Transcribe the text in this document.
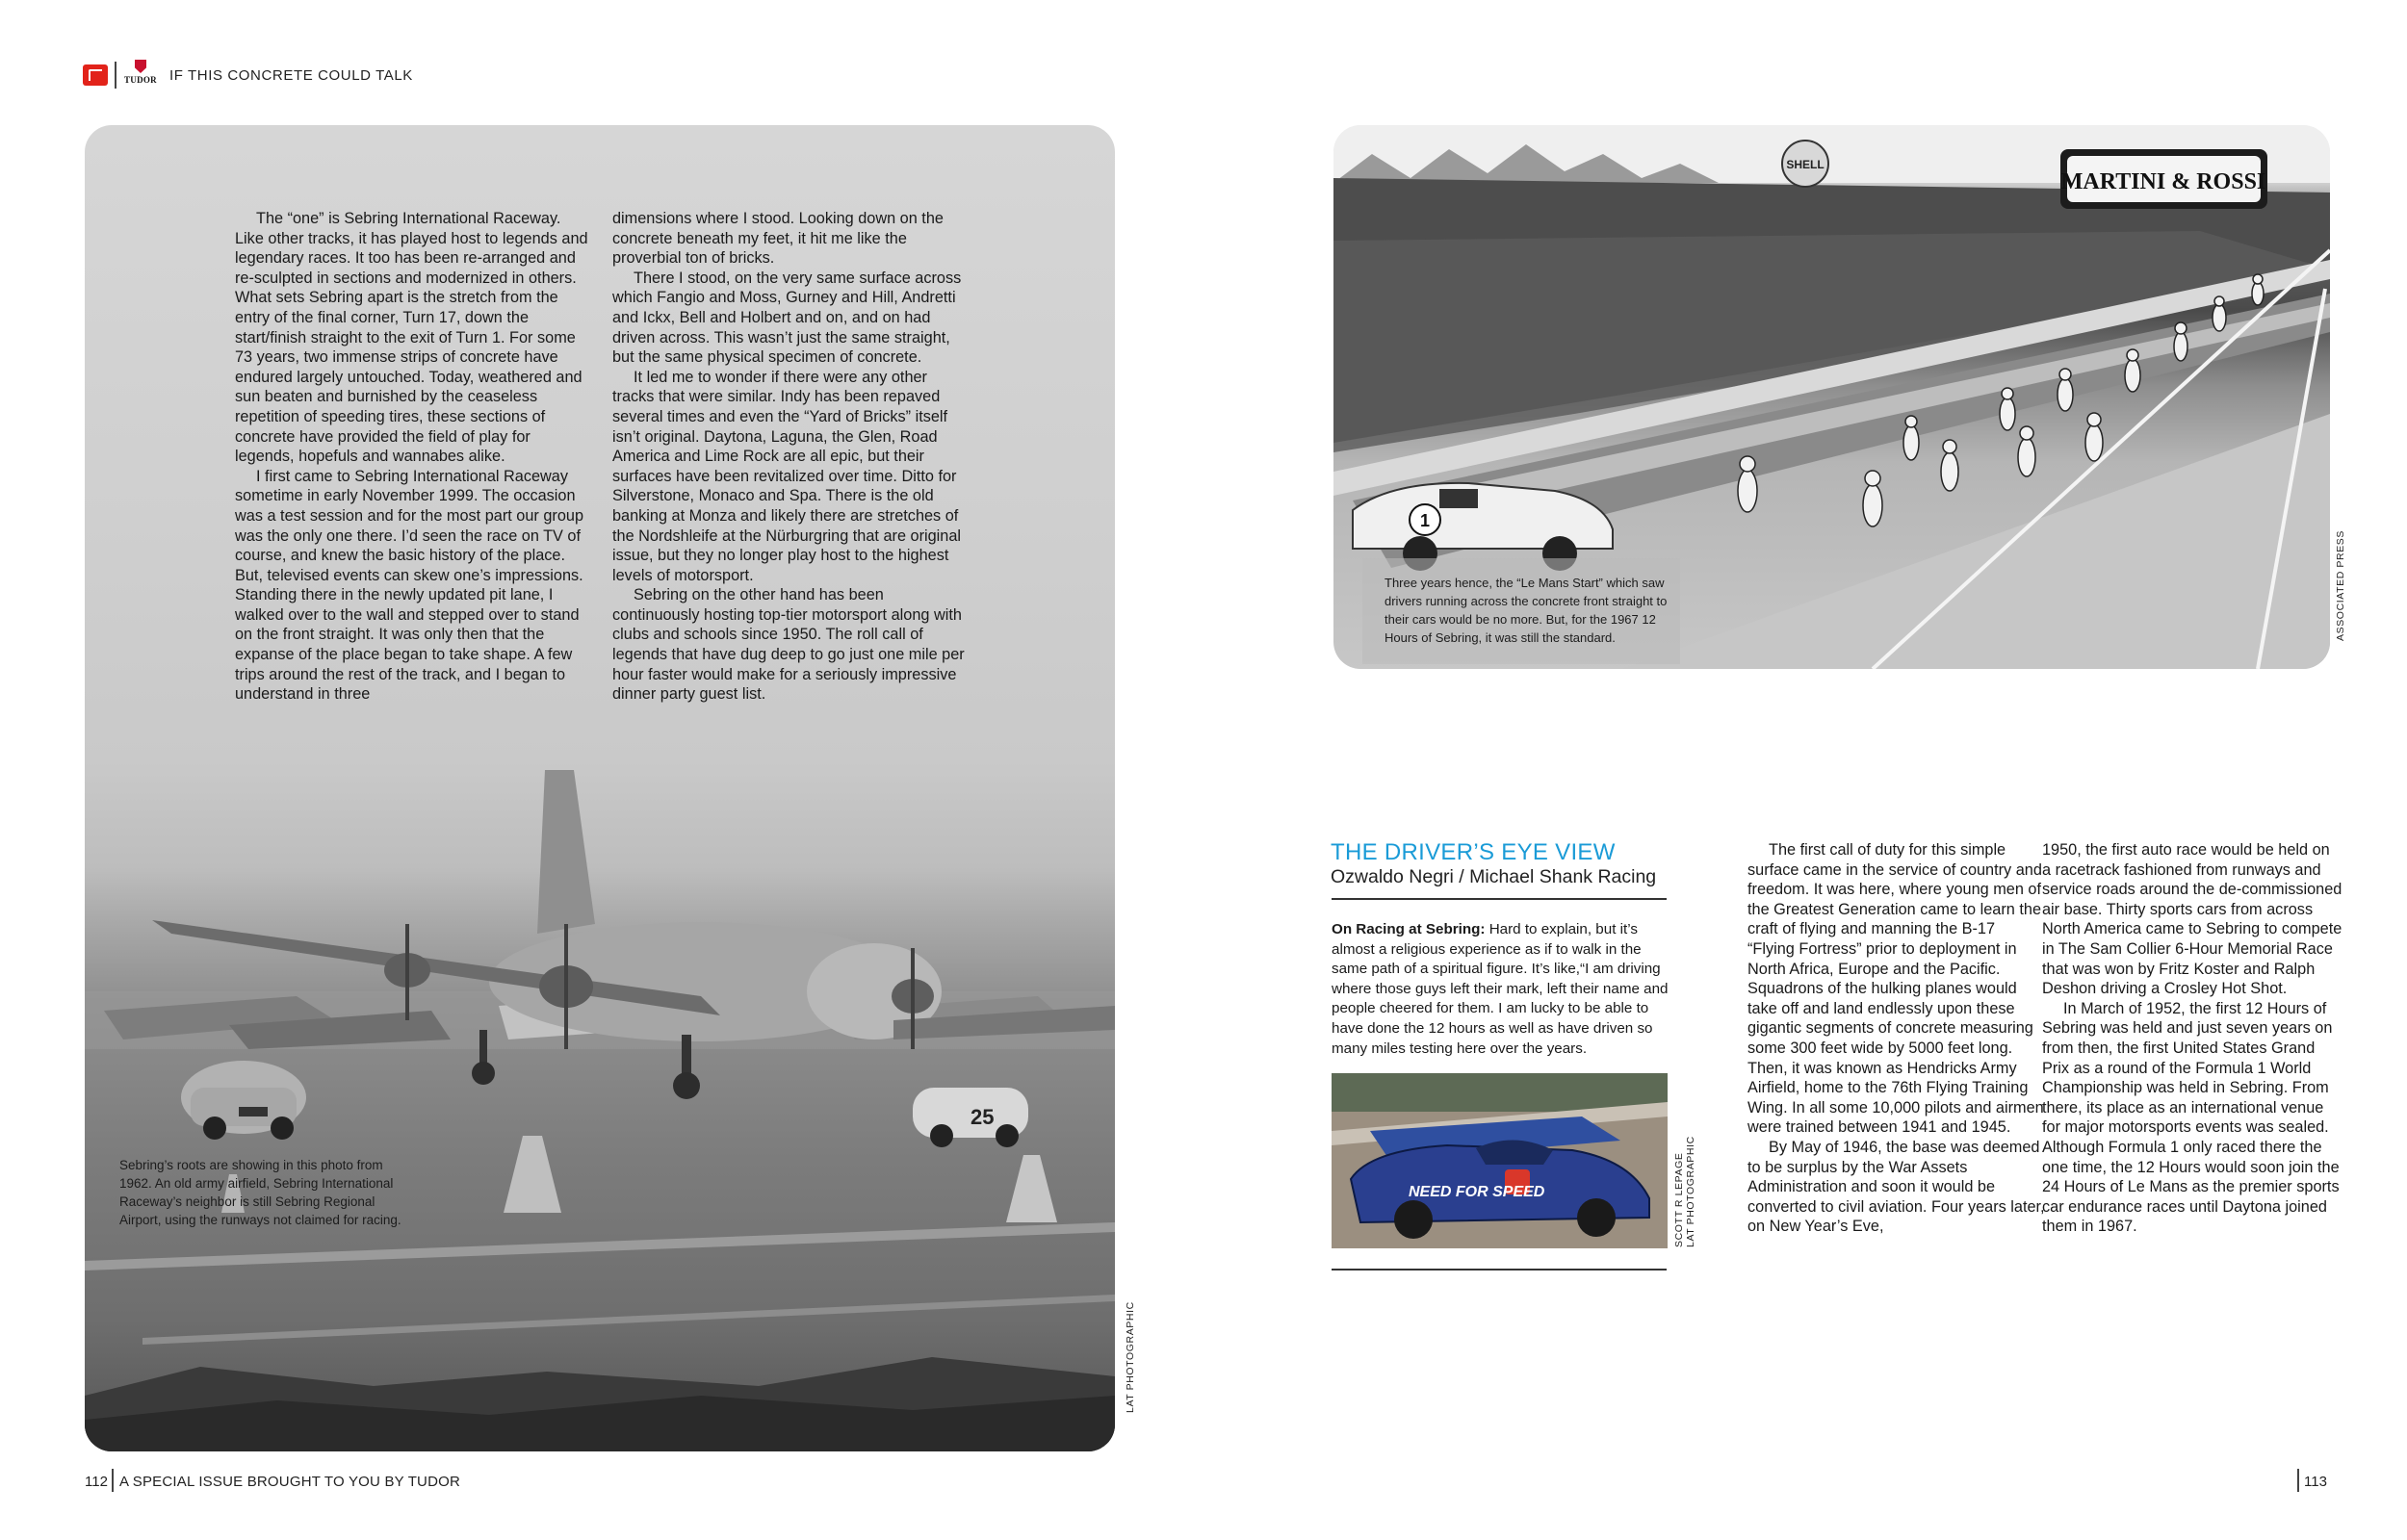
TUDOR IF THIS CONCRETE COULD TALK
25

The “one” is Sebring International Raceway. Like other tracks, it has played host to legends and legendary races. It too has been re-arranged and re-sculpted in sections and modernized in others. What sets Sebring apart is the stretch from the entry of the final corner, Turn 17, down the start/finish straight to the exit of Turn 1. For some 73 years, two immense strips of concrete have endured largely untouched. Today, weathered and sun beaten and burnished by the ceaseless repetition of speeding tires, these sections of concrete have provided the field of play for legends, hopefuls and wannabes alike.

I first came to Sebring International Raceway sometime in early November 1999. The occasion was a test session and for the most part our group was the only one there. I’d seen the race on TV of course, and knew the basic history of the place. But, televised events can skew one’s impressions. Standing there in the newly updated pit lane, I walked over to the wall and stepped over to stand on the front straight. It was only then that the expanse of the place began to take shape. A few trips around the rest of the track, and I began to understand in three

dimensions where I stood. Looking down on the concrete beneath my feet, it hit me like the proverbial ton of bricks.

There I stood, on the very same surface across which Fangio and Moss, Gurney and Hill, Andretti and Ickx, Bell and Holbert and on, and on had driven across. This wasn’t just the same straight, but the same physical specimen of concrete.

It led me to wonder if there were any other tracks that were similar. Indy has been repaved several times and even the “Yard of Bricks” itself isn’t original. Daytona, Laguna, the Glen, Road America and Lime Rock are all epic, but their surfaces have been revitalized over time. Ditto for Silverstone, Monaco and Spa. There is the old banking at Monza and likely there are stretches of the Nordshleife at the Nürburgring that are original issue, but they no longer play host to the highest levels of motorsport.

Sebring on the other hand has been continuously hosting top-tier motorsport along with clubs and schools since 1950. The roll call of legends that have dug deep to go just one mile per hour faster would make for a seriously impressive dinner party guest list.

Sebring’s roots are showing in this photo from 1962. An old army airfield, Sebring International Raceway’s neighbor is still Sebring Regional Airport, using the runways not claimed for racing.
LAT PHOTOGRAPHIC
SHELL
MARTINI & ROSSI
1
Three years hence, the “Le Mans Start” which saw drivers running across the concrete front straight to their cars would be no more. But, for the 1967 12 Hours of Sebring, it was still the standard.	ASSOCIATED PRESS
THE DRIVER’S EYE VIEW
Ozwaldo Negri / Michael Shank Racing
On Racing at Sebring: Hard to explain, but it’s almost a religious experience as if to walk in the same path of a spiritual figure. It’s like,“I am driving where those guys left their mark, left their name and people cheered for them. I am lucky to be able to have done the 12 hours as well as have driven so many miles testing here over the years.
NEED FOR SPEED	SCOTT R LEPAGE LAT PHOTOGRAPHIC

The first call of duty for this simple surface came in the service of country and freedom. It was here, where young men of the Greatest Generation came to learn the craft of flying and manning the B-17 “Flying Fortress” prior to deployment in North Africa, Europe and the Pacific. Squadrons of the hulking planes would take off and land endlessly upon these gigantic segments of concrete measuring some 300 feet wide by 5000 feet long. Then, it was known as Hendricks Army Airfield, home to the 76th Flying Training Wing. In all some 10,000 pilots and airmen were trained between 1941 and 1945.

By May of 1946, the base was deemed to be surplus by the War Assets Administration and soon it would be converted to civil aviation. Four years later, on New Year’s Eve,

1950, the first auto race would be held on a racetrack fashioned from runways and service roads around the de-commissioned air base. Thirty sports cars from across North America came to Sebring to compete in The Sam Collier 6-Hour Memorial Race that was won by Fritz Koster and Ralph Deshon driving a Crosley Hot Shot.

In March of 1952, the first 12 Hours of Sebring was held and just seven years on from then, the first United States Grand Prix as a round of the Formula 1 World Championship was held in Sebring. From there, its place as an international venue for major motorsports events was sealed. Although Formula 1 only raced there the one time, the 12 Hours would soon join the 24 Hours of Le Mans as the premier sports car endurance races until Daytona joined them in 1967.

112 A SPECIAL ISSUE BROUGHT TO YOU BY TUDOR	113
